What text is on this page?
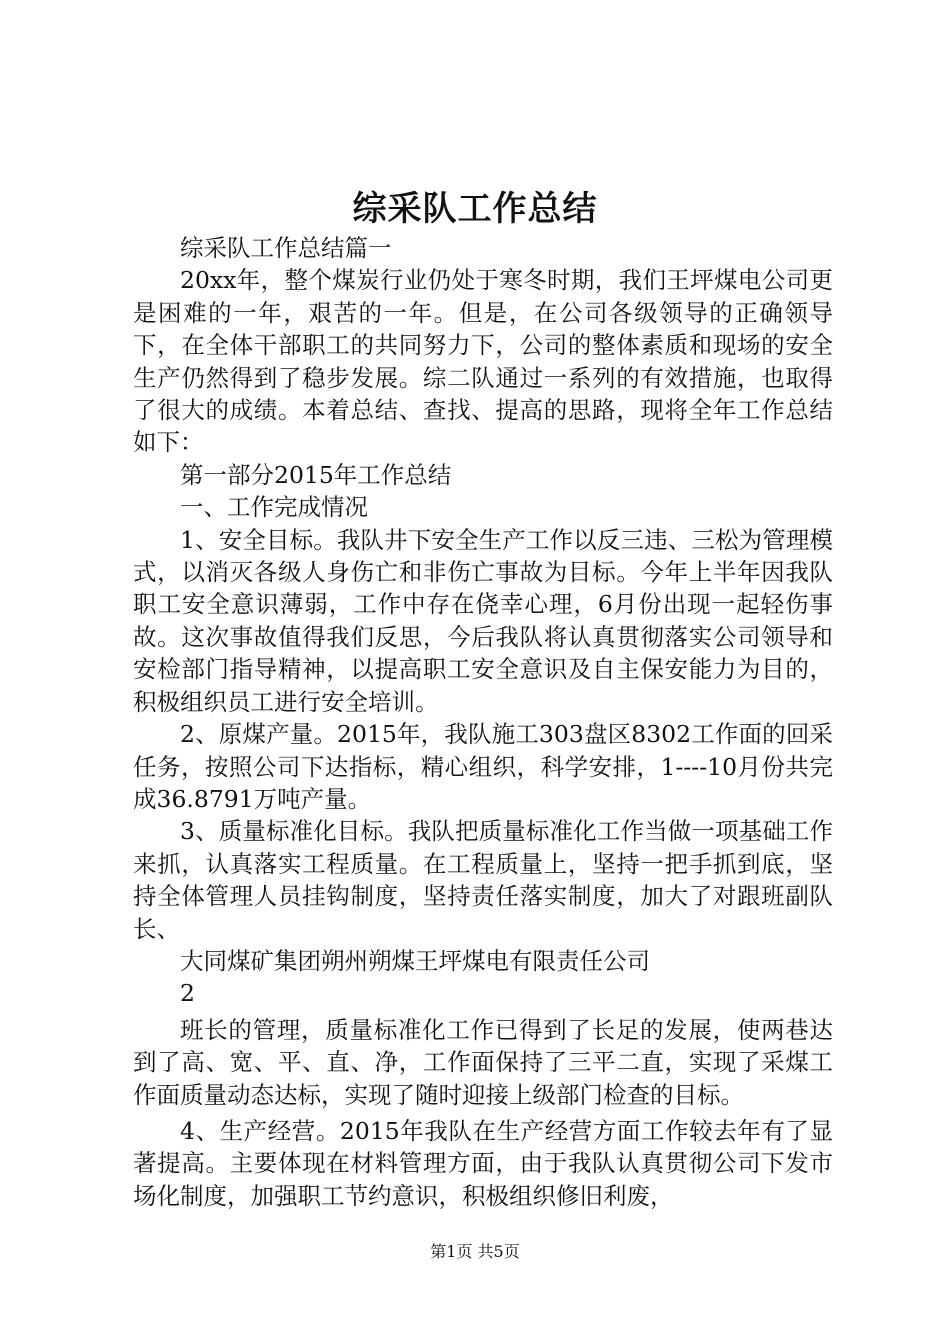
综采队工作总结

综采队工作总结篇一

20xx年，整个煤炭行业仍处于寒冬时期，我们王坪煤电公司更是困难的一年，艰苦的一年。但是，在公司各级领导的正确领导下，在全体干部职工的共同努力下，公司的整体素质和现场的安全生产仍然得到了稳步发展。综二队通过一系列的有效措施，也取得了很大的成绩。本着总结、查找、提高的思路，现将全年工作总结如下：

第一部分2015年工作总结

一、工作完成情况

1、安全目标。我队井下安全生产工作以反三违、三松为管理模式，以消灭各级人身伤亡和非伤亡事故为目标。今年上半年因我队职工安全意识薄弱，工作中存在侥幸心理，6月份出现一起轻伤事故。这次事故值得我们反思，今后我队将认真贯彻落实公司领导和安检部门指导精神，以提高职工安全意识及自主保安能力为目的，积极组织员工进行安全培训。

2、原煤产量。2015年，我队施工303盘区8302工作面的回采任务，按照公司下达指标，精心组织，科学安排，1----10月份共完成36.8791万吨产量。

3、质量标准化目标。我队把质量标准化工作当做一项基础工作来抓，认真落实工程质量。在工程质量上，坚持一把手抓到底，坚持全体管理人员挂钩制度，坚持责任落实制度，加大了对跟班副队长、

大同煤矿集团朔州朔煤王坪煤电有限责任公司

2

班长的管理，质量标准化工作已得到了长足的发展，使两巷达到了高、宽、平、直、净，工作面保持了三平二直，实现了采煤工作面质量动态达标，实现了随时迎接上级部门检查的目标。

4、生产经营。2015年我队在生产经营方面工作较去年有了显著提高。主要体现在材料管理方面，由于我队认真贯彻公司下发市场化制度，加强职工节约意识，积极组织修旧利废，

第1页 共5页
